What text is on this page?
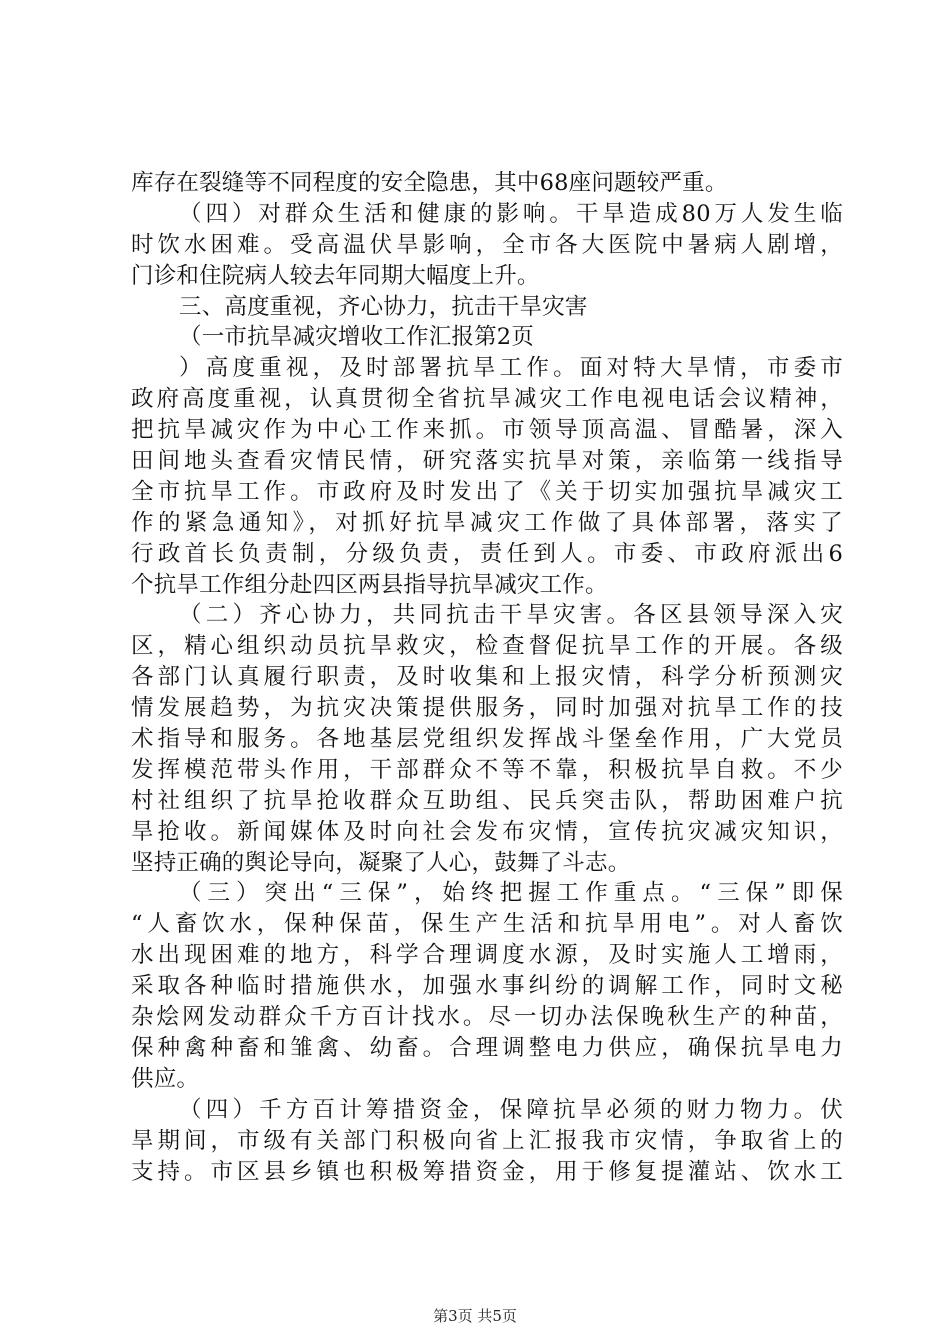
库存在裂缝等不同程度的安全隐患，其中68座问题较严重。
（四）对群众生活和健康的影响。干旱造成80万人发生临
时饮水困难。受高温伏旱影响，全市各大医院中暑病人剧增，
门诊和住院病人较去年同期大幅度上升。
三、高度重视，齐心协力，抗击干旱灾害
（一市抗旱减灾增收工作汇报第2页
）高度重视，及时部署抗旱工作。面对特大旱情，市委市
政府高度重视，认真贯彻全省抗旱减灾工作电视电话会议精神，
把抗旱减灾作为中心工作来抓。市领导顶高温、冒酷暑，深入
田间地头查看灾情民情，研究落实抗旱对策，亲临第一线指导
全市抗旱工作。市政府及时发出了《关于切实加强抗旱减灾工
作的紧急通知》，对抓好抗旱减灾工作做了具体部署，落实了
行政首长负责制，分级负责，责任到人。市委、市政府派出6
个抗旱工作组分赴四区两县指导抗旱减灾工作。
（二）齐心协力，共同抗击干旱灾害。各区县领导深入灾
区，精心组织动员抗旱救灾，检查督促抗旱工作的开展。各级
各部门认真履行职责，及时收集和上报灾情，科学分析预测灾
情发展趋势，为抗灾决策提供服务，同时加强对抗旱工作的技
术指导和服务。各地基层党组织发挥战斗堡垒作用，广大党员
发挥模范带头作用，干部群众不等不靠，积极抗旱自救。不少
村社组织了抗旱抢收群众互助组、民兵突击队，帮助困难户抗
旱抢收。新闻媒体及时向社会发布灾情，宣传抗灾减灾知识，
坚持正确的舆论导向，凝聚了人心，鼓舞了斗志。
（三）突出“三保”，始终把握工作重点。“三保”即保
“人畜饮水，保种保苗，保生产生活和抗旱用电”。对人畜饮
水出现困难的地方，科学合理调度水源，及时实施人工增雨，
采取各种临时措施供水，加强水事纠纷的调解工作，同时文秘
杂烩网发动群众千方百计找水。尽一切办法保晚秋生产的种苗，
保种禽种畜和雏禽、幼畜。合理调整电力供应，确保抗旱电力
供应。
（四）千方百计筹措资金，保障抗旱必须的财力物力。伏
旱期间，市级有关部门积极向省上汇报我市灾情，争取省上的
支持。市区县乡镇也积极筹措资金，用于修复提灌站、饮水工
第3页 共5页
